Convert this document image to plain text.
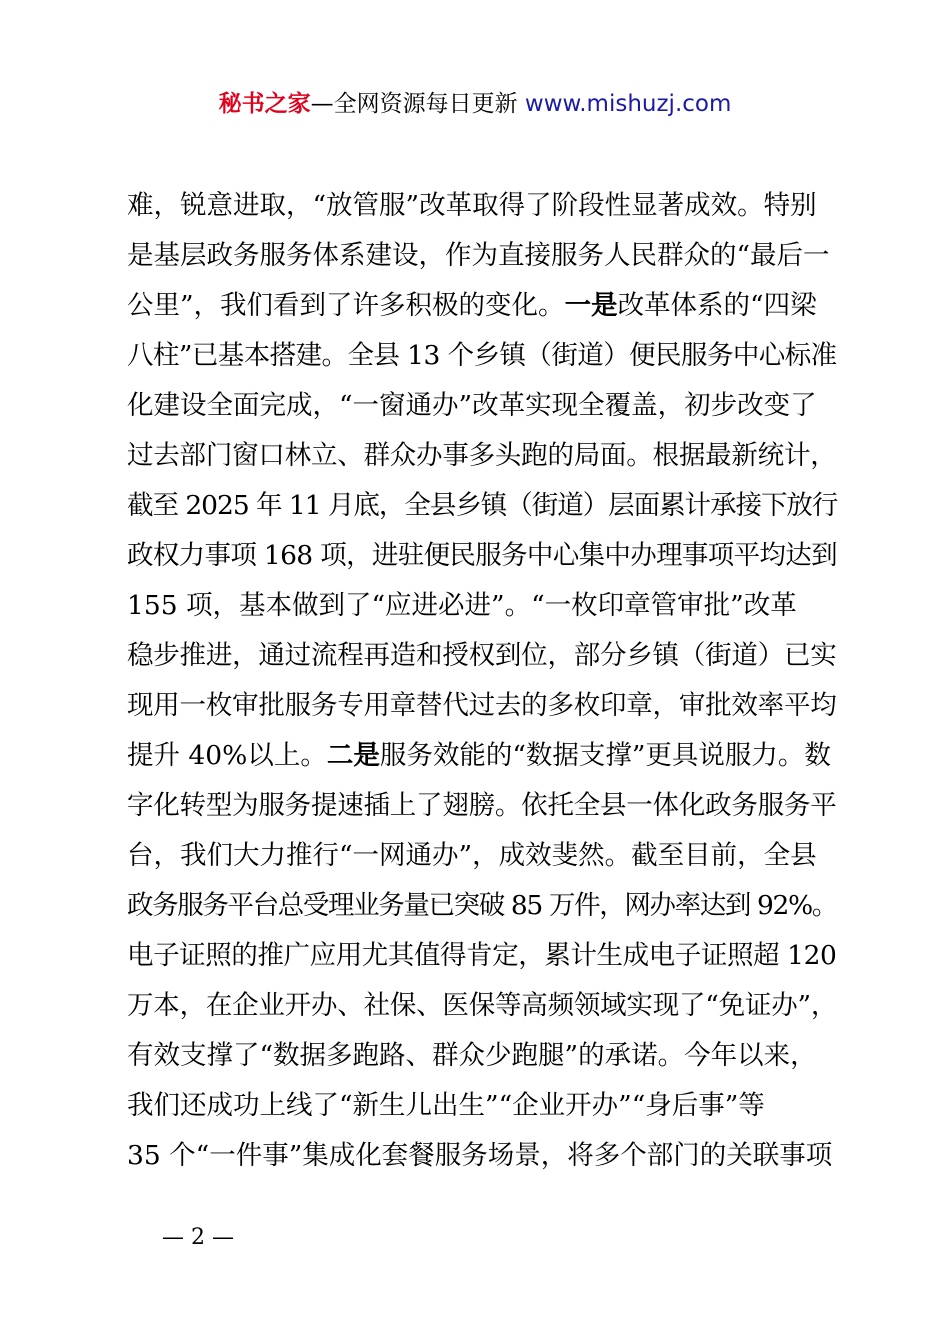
秘书之家—全网资源每日更新 www.mishuzj.com
难，锐意进取，“放管服”改革取得了阶段性显著成效。特别
是基层政务服务体系建设，作为直接服务人民群众的“最后一
公里”，我们看到了许多积极的变化。一是改革体系的“四梁
八柱”已基本搭建。全县 13 个乡镇（街道）便民服务中心标准
化建设全面完成，“一窗通办”改革实现全覆盖，初步改变了
过去部门窗口林立、群众办事多头跑的局面。根据最新统计，
截至 2025 年 11 月底，全县乡镇（街道）层面累计承接下放行
政权力事项 168 项，进驻便民服务中心集中办理事项平均达到
155 项，基本做到了“应进必进”。“一枚印章管审批”改革
稳步推进，通过流程再造和授权到位，部分乡镇（街道）已实
现用一枚审批服务专用章替代过去的多枚印章，审批效率平均
提升 40%以上。二是服务效能的“数据支撑”更具说服力。数
字化转型为服务提速插上了翅膀。依托全县一体化政务服务平
台，我们大力推行“一网通办”，成效斐然。截至目前，全县
政务服务平台总受理业务量已突破 85 万件，网办率达到 92%。
电子证照的推广应用尤其值得肯定，累计生成电子证照超 120
万本，在企业开办、社保、医保等高频领域实现了“免证办”，
有效支撑了“数据多跑路、群众少跑腿”的承诺。今年以来，
我们还成功上线了“新生儿出生”“企业开办”“身后事”等
35 个“一件事”集成化套餐服务场景，将多个部门的关联事项
— 2 —
